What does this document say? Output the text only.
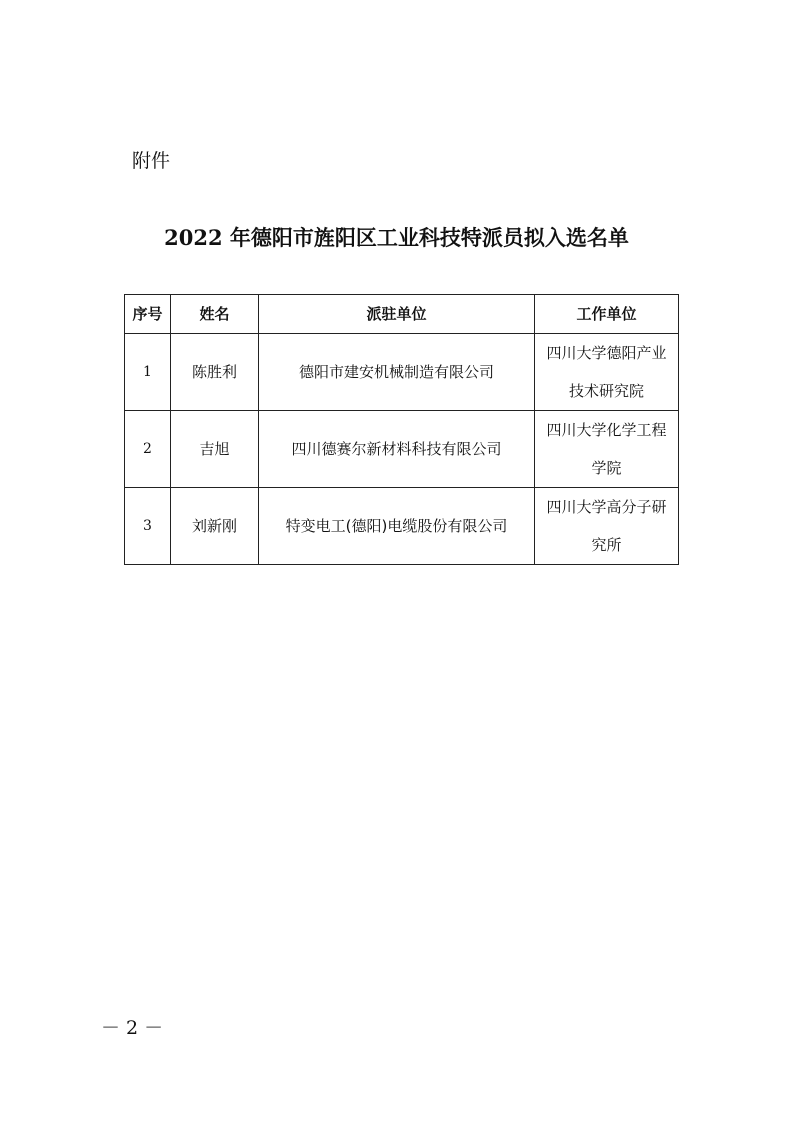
附件
2022 年德阳市旌阳区工业科技特派员拟入选名单
序号	姓名	派驻单位	工作单位
1	陈胜利	德阳市建安机械制造有限公司	四川大学德阳产业技术研究院
2	吉旭	四川德赛尔新材料科技有限公司	四川大学化学工程学院
3	刘新刚	特变电工(德阳)电缆股份有限公司	四川大学高分子研究所
－ 2 －
